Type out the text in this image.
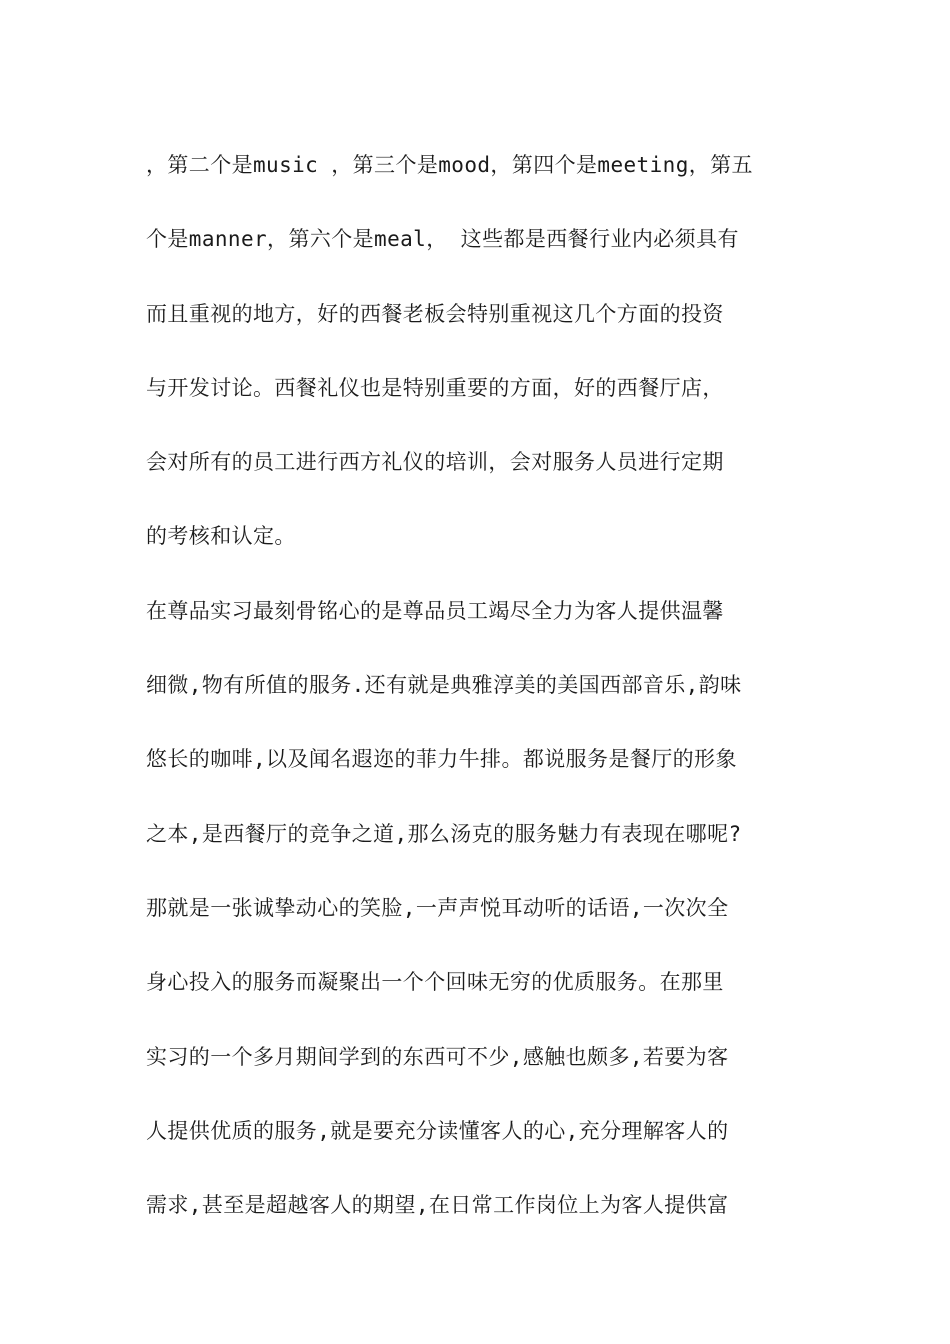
，第二个是music ，第三个是mood，第四个是meeting，第五
个是manner，第六个是meal， 这些都是西餐行业内必须具有
而且重视的地方，好的西餐老板会特别重视这几个方面的投资
与开发讨论。西餐礼仪也是特别重要的方面，好的西餐厅店，
会对所有的员工进行西方礼仪的培训，会对服务人员进行定期
的考核和认定。
在尊品实习最刻骨铭心的是尊品员工竭尽全力为客人提供温馨
细微,物有所值的服务.还有就是典雅淳美的美国西部音乐,韵味
悠长的咖啡,以及闻名遐迩的菲力牛排。都说服务是餐厅的形象
之本,是西餐厅的竞争之道,那么汤克的服务魅力有表现在哪呢?
那就是一张诚挚动心的笑脸,一声声悦耳动听的话语,一次次全
身心投入的服务而凝聚出一个个回味无穷的优质服务。在那里
实习的一个多月期间学到的东西可不少,感触也颇多,若要为客
人提供优质的服务,就是要充分读懂客人的心,充分理解客人的
需求,甚至是超越客人的期望,在日常工作岗位上为客人提供富
